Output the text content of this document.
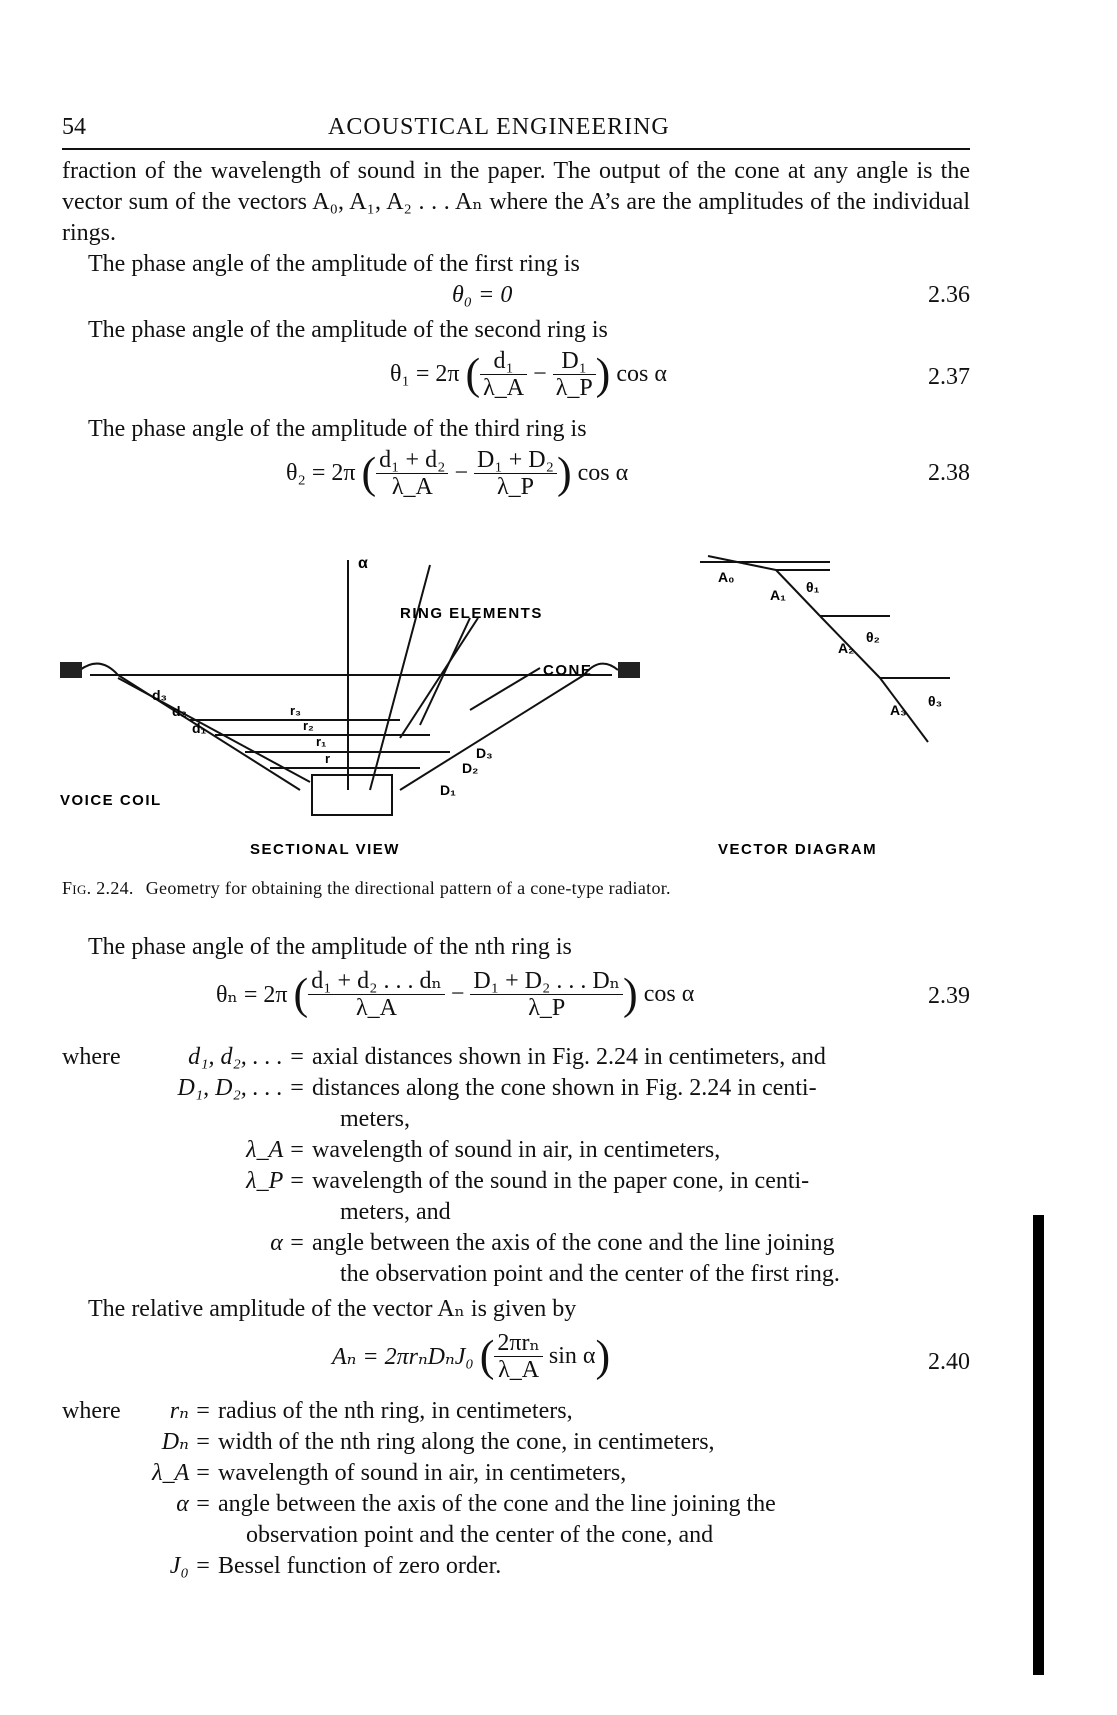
54	ACOUSTICAL ENGINEERING
fraction of the wavelength of sound in the paper. The output of the cone at any angle is the vector sum of the vectors A₀, A₁, A₂ . . . Aₙ where the A’s are the amplitudes of the individual rings.
The phase angle of the amplitude of the first ring is
θ₀ = 0	2.36
The phase angle of the amplitude of the second ring is
θ₁ = 2π ( $\frac{\text{d₁}}{\lambda\_A} - \frac{\text{D₁}}{\lambda\_P}$ ) cos α	2.37
The phase angle of the amplitude of the third ring is
θ₂ = 2π ( $\frac{\text{d₁ + d₂}}{\lambda\_A} - \frac{\text{D₁ + D₂}}{\lambda\_P}$ ) cos α	2.38
α
RING ELEMENTS
CONE
VOICE COIL
d₃
d₂
d₁
r₃
r₂
r₁
r	D₃
D₂
D₁
A₀
A₁
A₂
A₃
θ₁
θ₂
θ₃
SECTIONAL VIEW	VECTOR DIAGRAM
Fig. 2.24. Geometry for obtaining the directional pattern of a cone-type radiator.
The phase angle of the amplitude of the nth ring is
θₙ = 2π ( $\frac{\text{d₁ + d₂ . . . dₙ}}{\lambda\_A} - \frac{\text{D₁ + D₂ . . . Dₙ}}{\lambda\_P}$ ) cos α	2.39
where	d₁, d₂, . . . = axial distances shown in Fig. 2.24 in centimeters, and
D₁, D₂, . . . = distances along the cone shown in Fig. 2.24 in centi-
meters,
λ_A = wavelength of sound in air, in centimeters,
λ_P = wavelength of the sound in the paper cone, in centi-
meters, and
α = angle between the axis of the cone and the line joining
the observation point and the center of the first ring.
The relative amplitude of the vector Aₙ is given by
Aₙ = 2πrₙDₙJ₀ ( $\frac{\text{2πrₙ}}{\lambda\_A}$ sin α)	2.40
where rₙ = radius of the nth ring, in centimeters,
Dₙ = width of the nth ring along the cone, in centimeters,
λ_A = wavelength of sound in air, in centimeters,
α = angle between the axis of the cone and the line joining the
observation point and the center of the cone, and
J₀ = Bessel function of zero order.
